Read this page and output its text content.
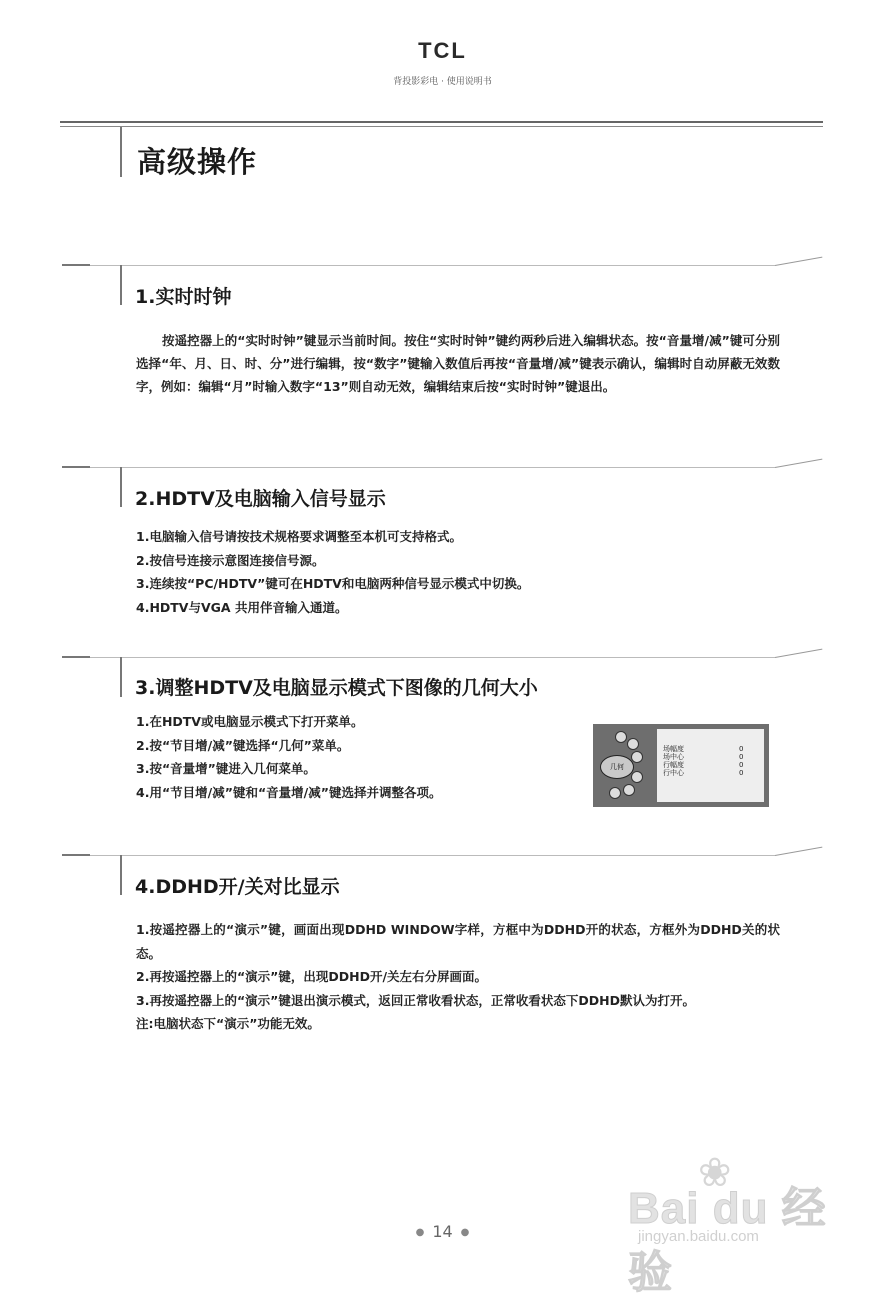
TCL
背投影彩电 · 使用说明书
高级操作
1.实时时钟
按遥控器上的“实时时钟”键显示当前时间。按住“实时时钟”键约两秒后进入编辑状态。按“音量增/减”键可分别选择“年、月、日、时、分”进行编辑，按“数字”键输入数值后再按“音量增/减”键表示确认，编辑时自动屏蔽无效数字，例如：编辑“月”时输入数字“13”则自动无效，编辑结束后按“实时时钟”键退出。
2.HDTV及电脑输入信号显示
1.电脑输入信号请按技术规格要求调整至本机可支持格式。
2.按信号连接示意图连接信号源。
3.连续按“PC/HDTV”键可在HDTV和电脑两种信号显示模式中切换。
4.HDTV与VGA 共用伴音输入通道。
3.调整HDTV及电脑显示模式下图像的几何大小
1.在HDTV或电脑显示模式下打开菜单。
2.按“节目增/减”键选择“几何”菜单。
3.按“音量增”键进入几何菜单。
4.用“节目增/减”键和“音量增/减”键选择并调整各项。
几何
场幅度	0
场中心	0
行幅度	0
行中心	0
4.DDHD开/关对比显示
1.按遥控器上的“演示”键，画面出现DDHD WINDOW字样，方框中为DDHD开的状态，方框外为DDHD关的状态。
2.再按遥控器上的“演示”键，出现DDHD开/关左右分屏画面。
3.再按遥控器上的“演示”键退出演示模式，返回正常收看状态，正常收看状态下DDHD默认为打开。
注:电脑状态下“演示”功能无效。
❀
Bai du 经验
jingyan.baidu.com
● 14 ●
